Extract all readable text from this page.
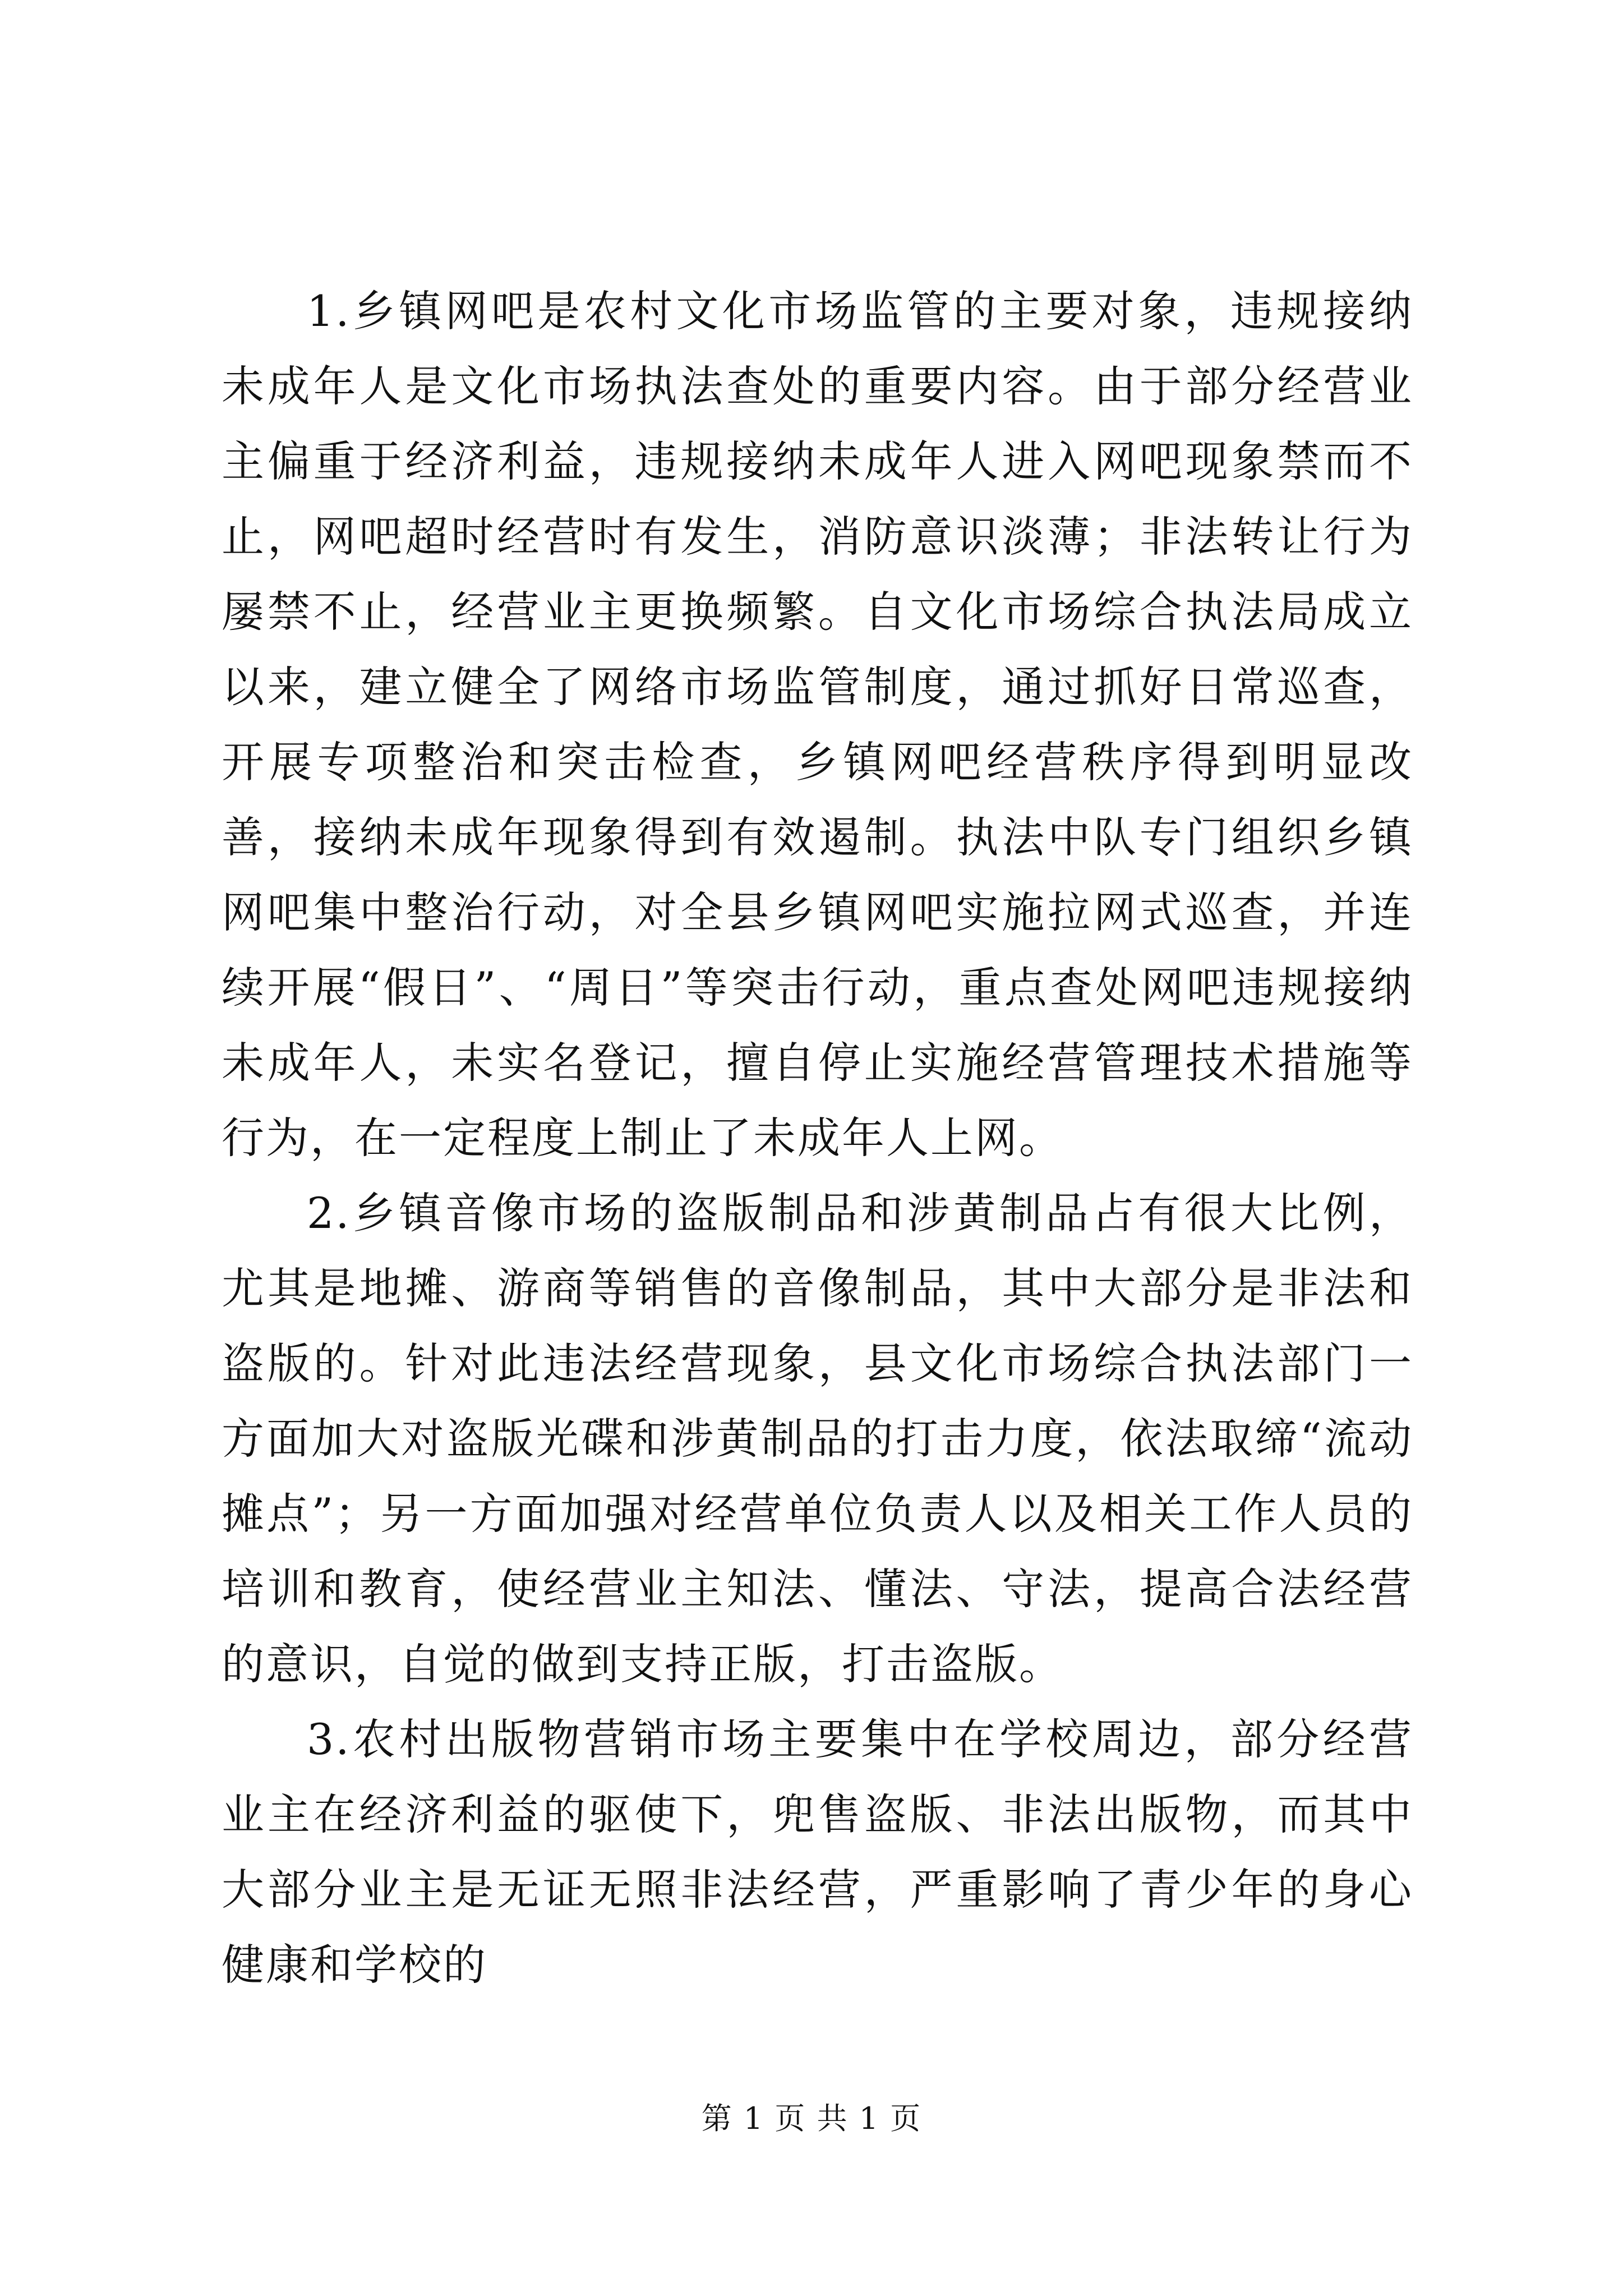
1.乡镇网吧是农村文化市场监管的主要对象，违规接纳未成年人是文化市场执法查处的重要内容。由于部分经营业主偏重于经济利益，违规接纳未成年人进入网吧现象禁而不止，网吧超时经营时有发生，消防意识淡薄；非法转让行为屡禁不止，经营业主更换频繁。自文化市场综合执法局成立以来，建立健全了网络市场监管制度，通过抓好日常巡查，开展专项整治和突击检查，乡镇网吧经营秩序得到明显改善，接纳未成年现象得到有效遏制。执法中队专门组织乡镇网吧集中整治行动，对全县乡镇网吧实施拉网式巡查，并连续开展“假日”、“周日”等突击行动，重点查处网吧违规接纳未成年人，未实名登记，擅自停止实施经营管理技术措施等行为，在一定程度上制止了未成年人上网。

2.乡镇音像市场的盗版制品和涉黄制品占有很大比例，尤其是地摊、游商等销售的音像制品，其中大部分是非法和盗版的。针对此违法经营现象，县文化市场综合执法部门一方面加大对盗版光碟和涉黄制品的打击力度，依法取缔“流动摊点”；另一方面加强对经营单位负责人以及相关工作人员的培训和教育，使经营业主知法、懂法、守法，提高合法经营的意识，自觉的做到支持正版，打击盗版。

3.农村出版物营销市场主要集中在学校周边，部分经营业主在经济利益的驱使下，兜售盗版、非法出版物，而其中大部分业主是无证无照非法经营，严重影响了青少年的身心健康和学校的

第 1 页 共 1 页
